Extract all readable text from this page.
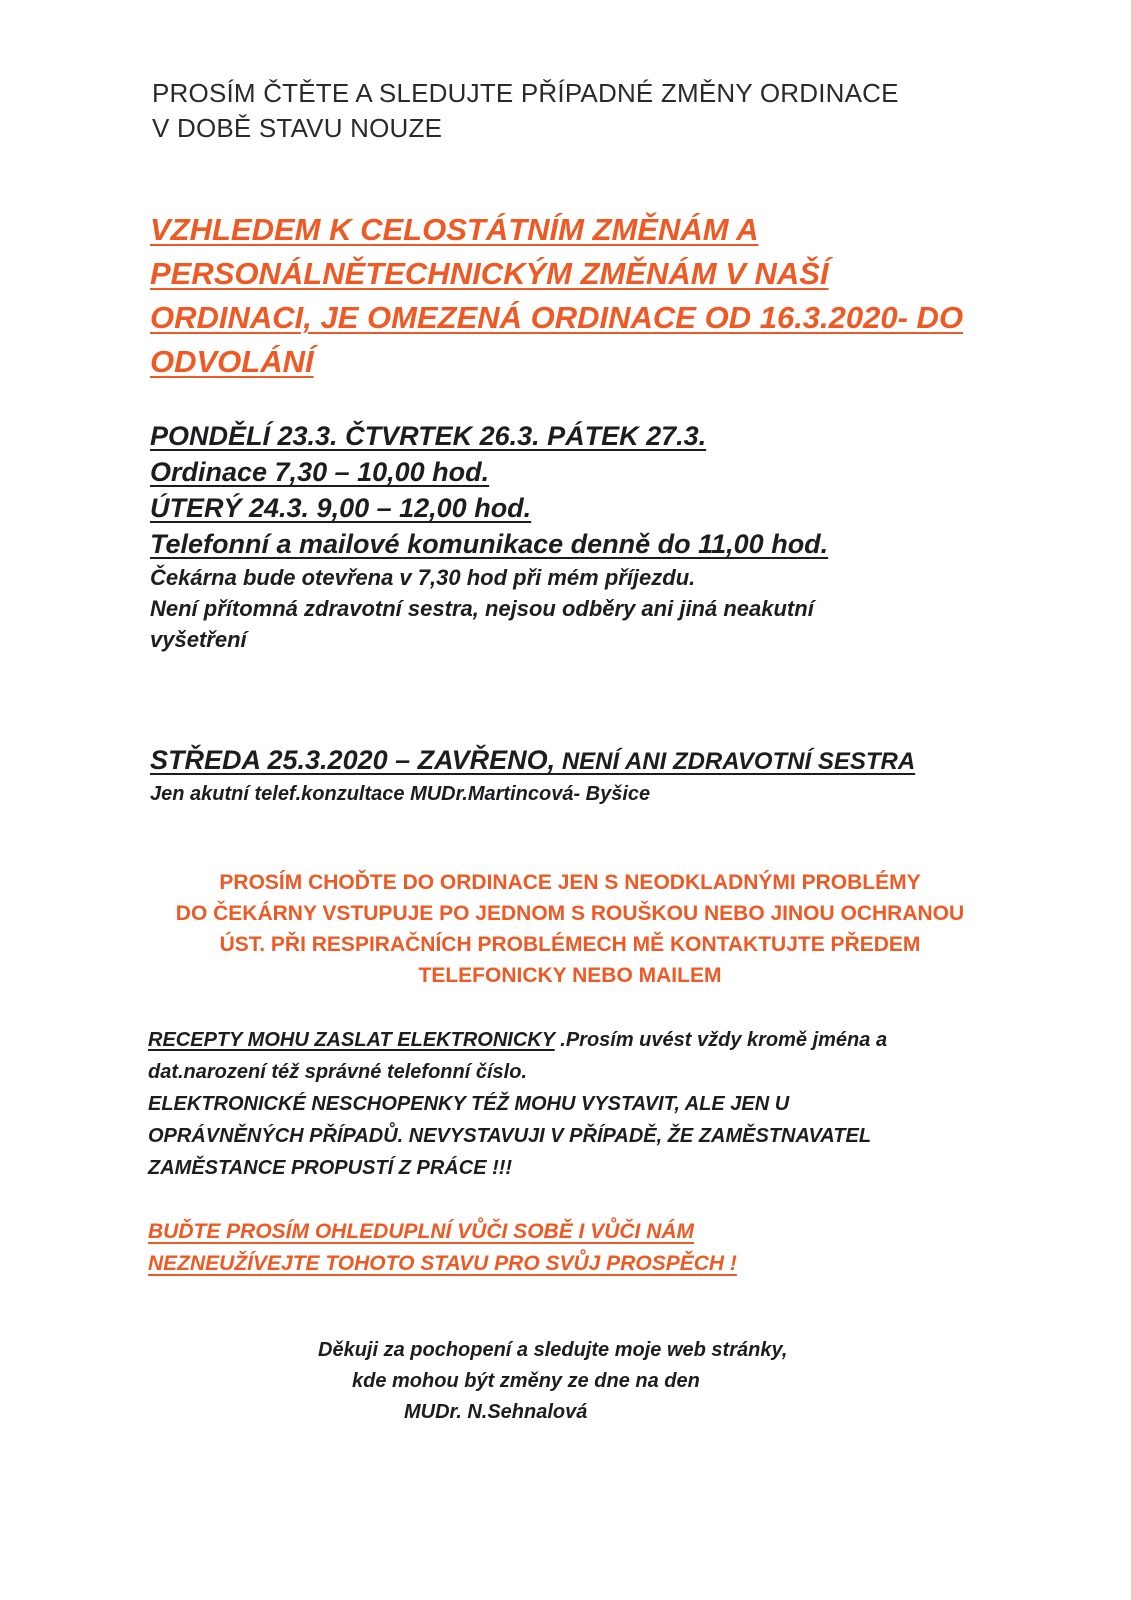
PROSÍM ČTĚTE A SLEDUJTE PŘÍPADNÉ ZMĚNY ORDINACE
V DOBĚ STAVU NOUZE
VZHLEDEM K CELOSTÁTNÍM ZMĚNÁM A
PERSONÁLNĚTECHNICKÝM ZMĚNÁM V NAŠÍ
ORDINACI, JE OMEZENÁ ORDINACE OD 16.3.2020- DO
ODVOLÁNÍ
PONDĚLÍ 23.3. ČTVRTEK 26.3. PÁTEK 27.3.
Ordinace 7,30 – 10,00 hod.
ÚTERÝ 24.3. 9,00 – 12,00 hod.
Telefonní a mailové komunikace denně do 11,00 hod.
Čekárna bude otevřena v 7,30 hod při mém příjezdu.
Není přítomná zdravotní sestra, nejsou odběry ani jiná neakutní
vyšetření
STŘEDA 25.3.2020 – ZAVŘENO, NENÍ ANI ZDRAVOTNÍ SESTRA
Jen akutní telef.konzultace MUDr.Martincová- Byšice
PROSÍM CHOĎTE DO ORDINACE JEN S NEODKLADNÝMI PROBLÉMY
DO ČEKÁRNY VSTUPUJE PO JEDNOM S ROUŠKOU NEBO JINOU OCHRANOU
ÚST. PŘI RESPIRAČNÍCH PROBLÉMECH MĚ KONTAKTUJTE PŘEDEM
TELEFONICKY NEBO MAILEM
RECEPTY MOHU ZASLAT ELEKTRONICKY .Prosím uvést vždy kromě jména a
dat.narození též správné telefonní číslo.
ELEKTRONICKÉ NESCHOPENKY TÉŽ MOHU VYSTAVIT, ALE JEN U
OPRÁVNĚNÝCH PŘÍPADŮ. NEVYSTAVUJI V PŘÍPADĚ, ŽE ZAMĚSTNAVATEL
ZAMĚSTANCE PROPUSTÍ Z PRÁCE !!!
BUĎTE PROSÍM OHLEDUPLNÍ VŮČI SOBĚ I VŮČI NÁM
NEZNEUŽÍVEJTE TOHOTO STAVU PRO SVŮJ PROSPĚCH !
Děkuji za pochopení a sledujte moje web stránky,
kde mohou být změny ze dne na den
MUDr. N.Sehnalová
